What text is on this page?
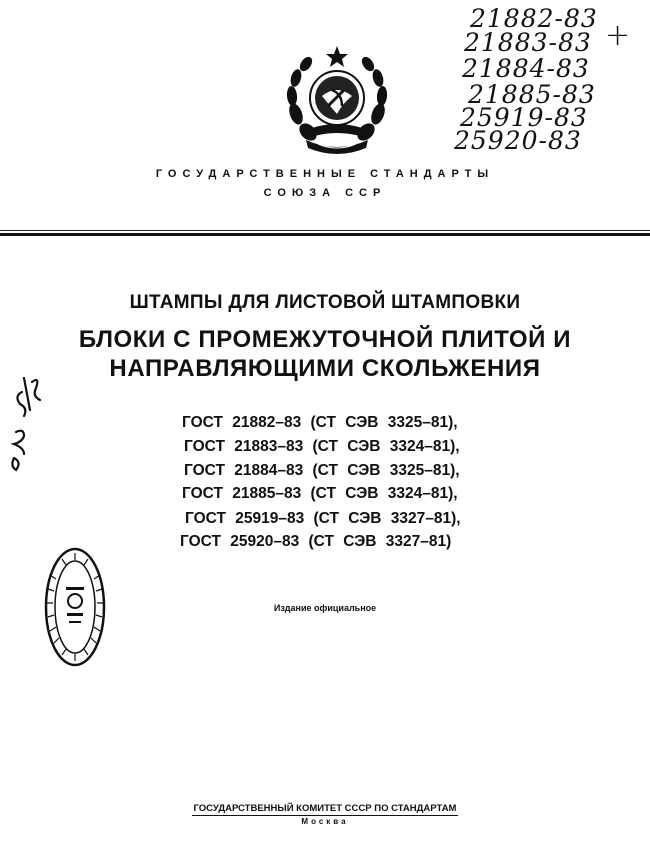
21882-83
21883-83
21884-83
21885-83
25919-83
25920-83
+
ГОСУДАРСТВЕННЫЕ СТАНДАРТЫ
СОЮЗА ССР
ШТАМПЫ ДЛЯ ЛИСТОВОЙ ШТАМПОВКИ
БЛОКИ С ПРОМЕЖУТОЧНОЙ ПЛИТОЙ И
НАПРАВЛЯЮЩИМИ СКОЛЬЖЕНИЯ
ГОСТ 21882–83 (СТ СЭВ 3325–81),
ГОСТ 21883–83 (СТ СЭВ 3324–81),
ГОСТ 21884–83 (СТ СЭВ 3325–81),
ГОСТ 21885–83 (СТ СЭВ 3324–81),
ГОСТ 25919–83 (СТ СЭВ 3327–81),
ГОСТ 25920–83 (СТ СЭВ 3327–81)
Издание официальное
ГОСУДАРСТВЕННЫЙ КОМИТЕТ СССР ПО СТАНДАРТАМ
Москва
